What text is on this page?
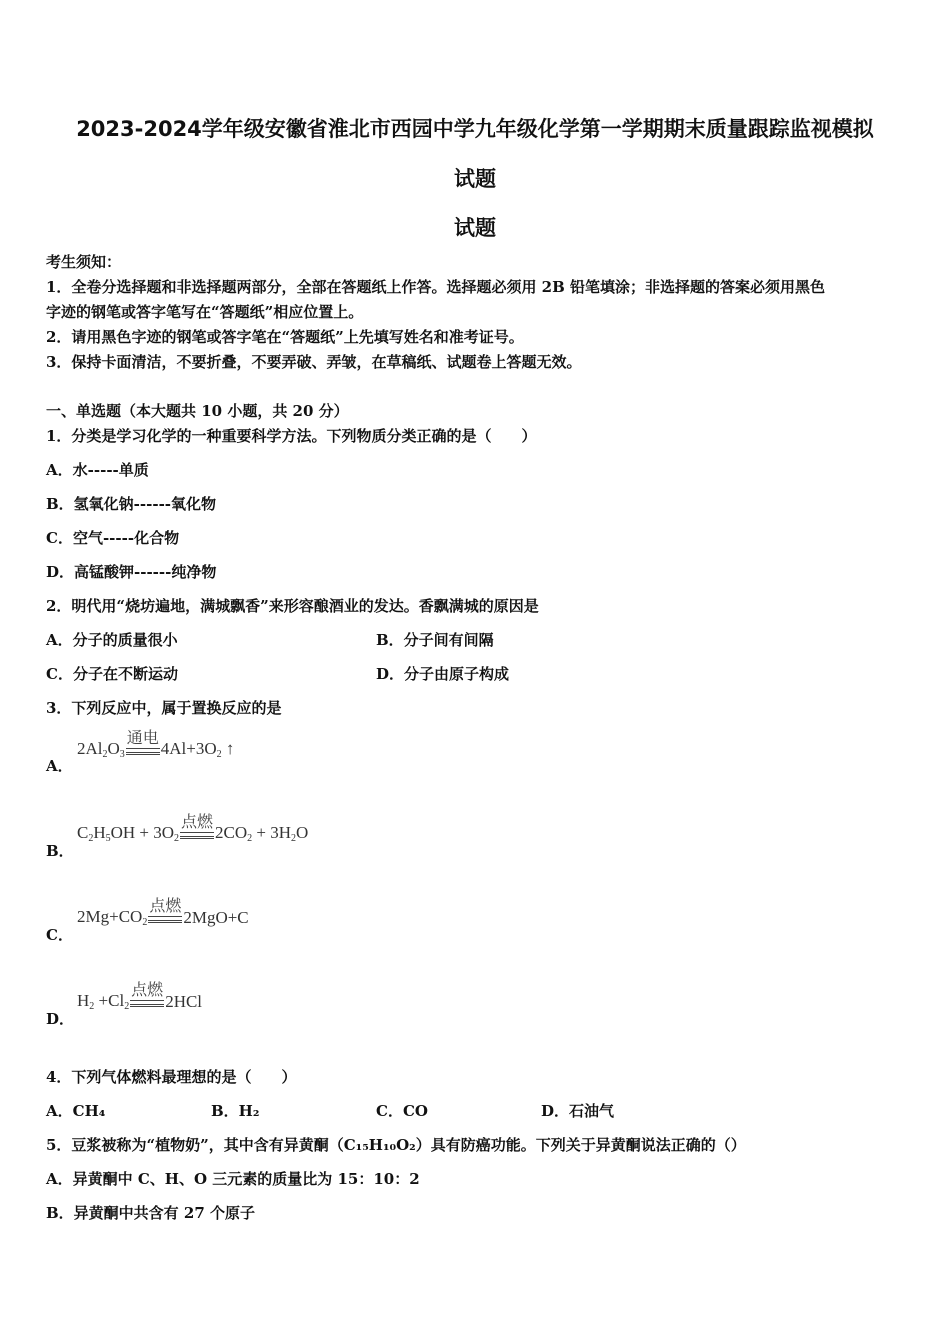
2023-2024学年级安徽省淮北市西园中学九年级化学第一学期期末质量跟踪监视模拟
试题
试题
考生须知：
1．全卷分选择题和非选择题两部分，全部在答题纸上作答。选择题必须用 2B 铅笔填涂；非选择题的答案必须用黑色
字迹的钢笔或答字笔写在“答题纸”相应位置上。
2．请用黑色字迹的钢笔或答字笔在“答题纸”上先填写姓名和准考证号。
3．保持卡面清洁，不要折叠，不要弄破、弄皱，在草稿纸、试题卷上答题无效。
一、单选题（本大题共 10 小题，共 20 分）
1．分类是学习化学的一种重要科学方法。下列物质分类正确的是（　　）
A．水-----单质
B．氢氧化钠------氧化物
C．空气-----化合物
D．高锰酸钾------纯净物
2．明代用“烧坊遍地，满城飘香”来形容酿酒业的发达。香飘满城的原因是
A．分子的质量很小	B．分子间有间隔
C．分子在不断运动	D．分子由原子构成
3．下列反应中，属于置换反应的是
A．
$2Al_2O_3$
通电
$4Al+3O_2$ ↑
B．
$C_2H_5OH + 3O_2$
点燃
$2CO_2 + 3H_2O$
C．
$2Mg+CO_2$
点燃
2MgO+C
D．
$H_2 +Cl_2$
点燃
2HCl
4．下列气体燃料最理想的是（　　）
A．CH₄	B．H₂	C．CO	D．石油气
5．豆浆被称为“植物奶”，其中含有异黄酮（C₁₅H₁₀O₂）具有防癌功能。下列关于异黄酮说法正确的（）
A．异黄酮中 C、H、O 三元素的质量比为 15：10：2
B．异黄酮中共含有 27 个原子
